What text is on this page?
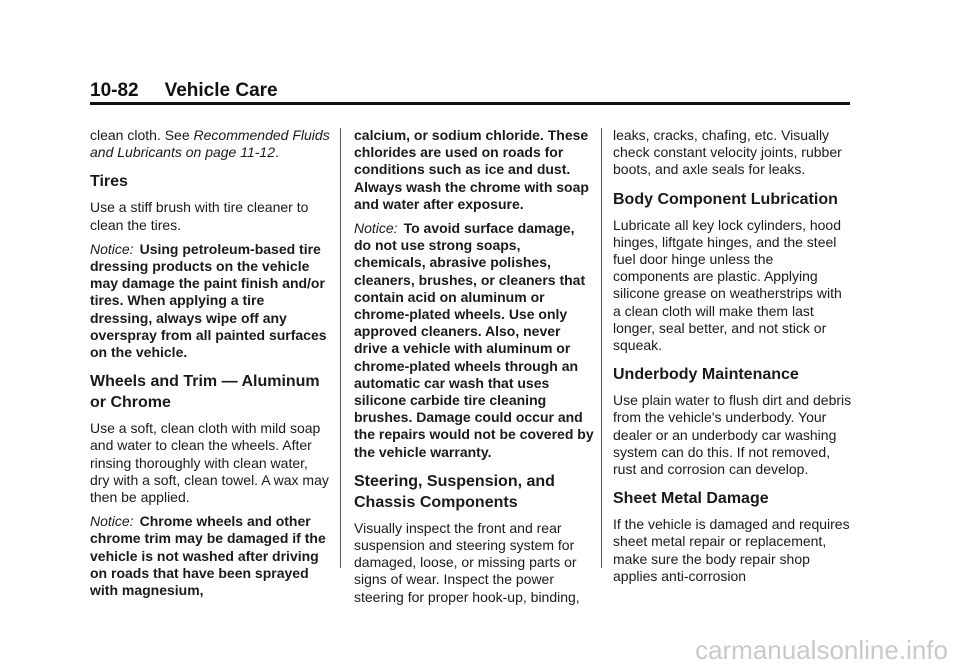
10-82 Vehicle Care

clean cloth. See Recommended Fluids and Lubricants on page 11-12.

Tires

Use a stiff brush with tire cleaner to clean the tires.

Notice: Using petroleum-based tire dressing products on the vehicle may damage the paint finish and/or tires. When applying a tire dressing, always wipe off any overspray from all painted surfaces on the vehicle.

Wheels and Trim — Aluminum or Chrome

Use a soft, clean cloth with mild soap and water to clean the wheels. After rinsing thoroughly with clean water, dry with a soft, clean towel. A wax may then be applied.

Notice: Chrome wheels and other chrome trim may be damaged if the vehicle is not washed after driving on roads that have been sprayed with magnesium,

calcium, or sodium chloride. These chlorides are used on roads for conditions such as ice and dust. Always wash the chrome with soap and water after exposure.

Notice: To avoid surface damage, do not use strong soaps, chemicals, abrasive polishes, cleaners, brushes, or cleaners that contain acid on aluminum or chrome-plated wheels. Use only approved cleaners. Also, never drive a vehicle with aluminum or chrome-plated wheels through an automatic car wash that uses silicone carbide tire cleaning brushes. Damage could occur and the repairs would not be covered by the vehicle warranty.

Steering, Suspension, and Chassis Components

Visually inspect the front and rear suspension and steering system for damaged, loose, or missing parts or signs of wear. Inspect the power steering for proper hook-up, binding,

leaks, cracks, chafing, etc. Visually check constant velocity joints, rubber boots, and axle seals for leaks.

Body Component Lubrication

Lubricate all key lock cylinders, hood hinges, liftgate hinges, and the steel fuel door hinge unless the components are plastic. Applying silicone grease on weatherstrips with a clean cloth will make them last longer, seal better, and not stick or squeak.

Underbody Maintenance

Use plain water to flush dirt and debris from the vehicle's underbody. Your dealer or an underbody car washing system can do this. If not removed, rust and corrosion can develop.

Sheet Metal Damage

If the vehicle is damaged and requires sheet metal repair or replacement, make sure the body repair shop applies anti-corrosion

carmanualsonline.info
